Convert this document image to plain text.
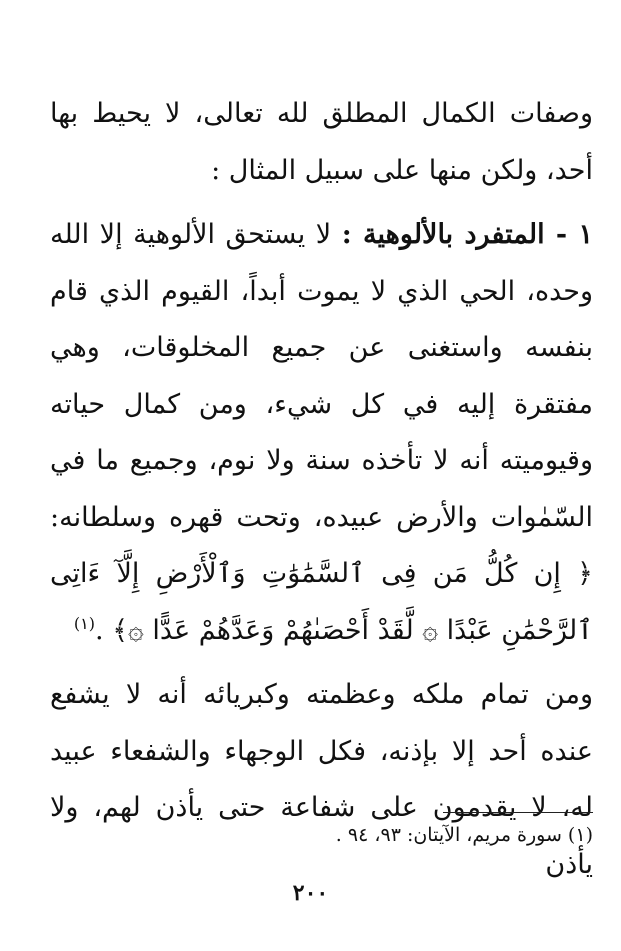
وصفات الكمال المطلق لله تعالى، لا يحيط بها أحد، ولكن منها على سبيل المثال :

١ - المتفرد بالألوهية : لا يستحق الألوهية إلا الله وحده، الحي الذي لا يموت أبداً، القيوم الذي قام بنفسه واستغنى عن جميع المخلوقات، وهي مفتقرة إليه في كل شيء، ومن كمال حياته وقيوميته أنه لا تأخذه سنة ولا نوم، وجميع ما في السّمٰوات والأرض عبيده، وتحت قهره وسلطانه: ﴿ إِن كُلُّ مَن فِى ٱلسَّمَٰوَٰتِ وَٱلْأَرْضِ إِلَّآ ءَاتِى ٱلرَّحْمَٰنِ عَبْدًا ۞ لَّقَدْ أَحْصَىٰهُمْ وَعَدَّهُمْ عَدًّا ۞﴾ .$^{(١)}$

ومن تمام ملكه وعظمته وكبريائه أنه لا يشفع عنده أحد إلا بإذنه، فكل الوجهاء والشفعاء عبيد له، لا يقدمون على شفاعة حتى يأذن لهم، ولا يأذن

(١) سورة مريم، الآيتان: ٩٣، ٩٤ .
٢٠٠
